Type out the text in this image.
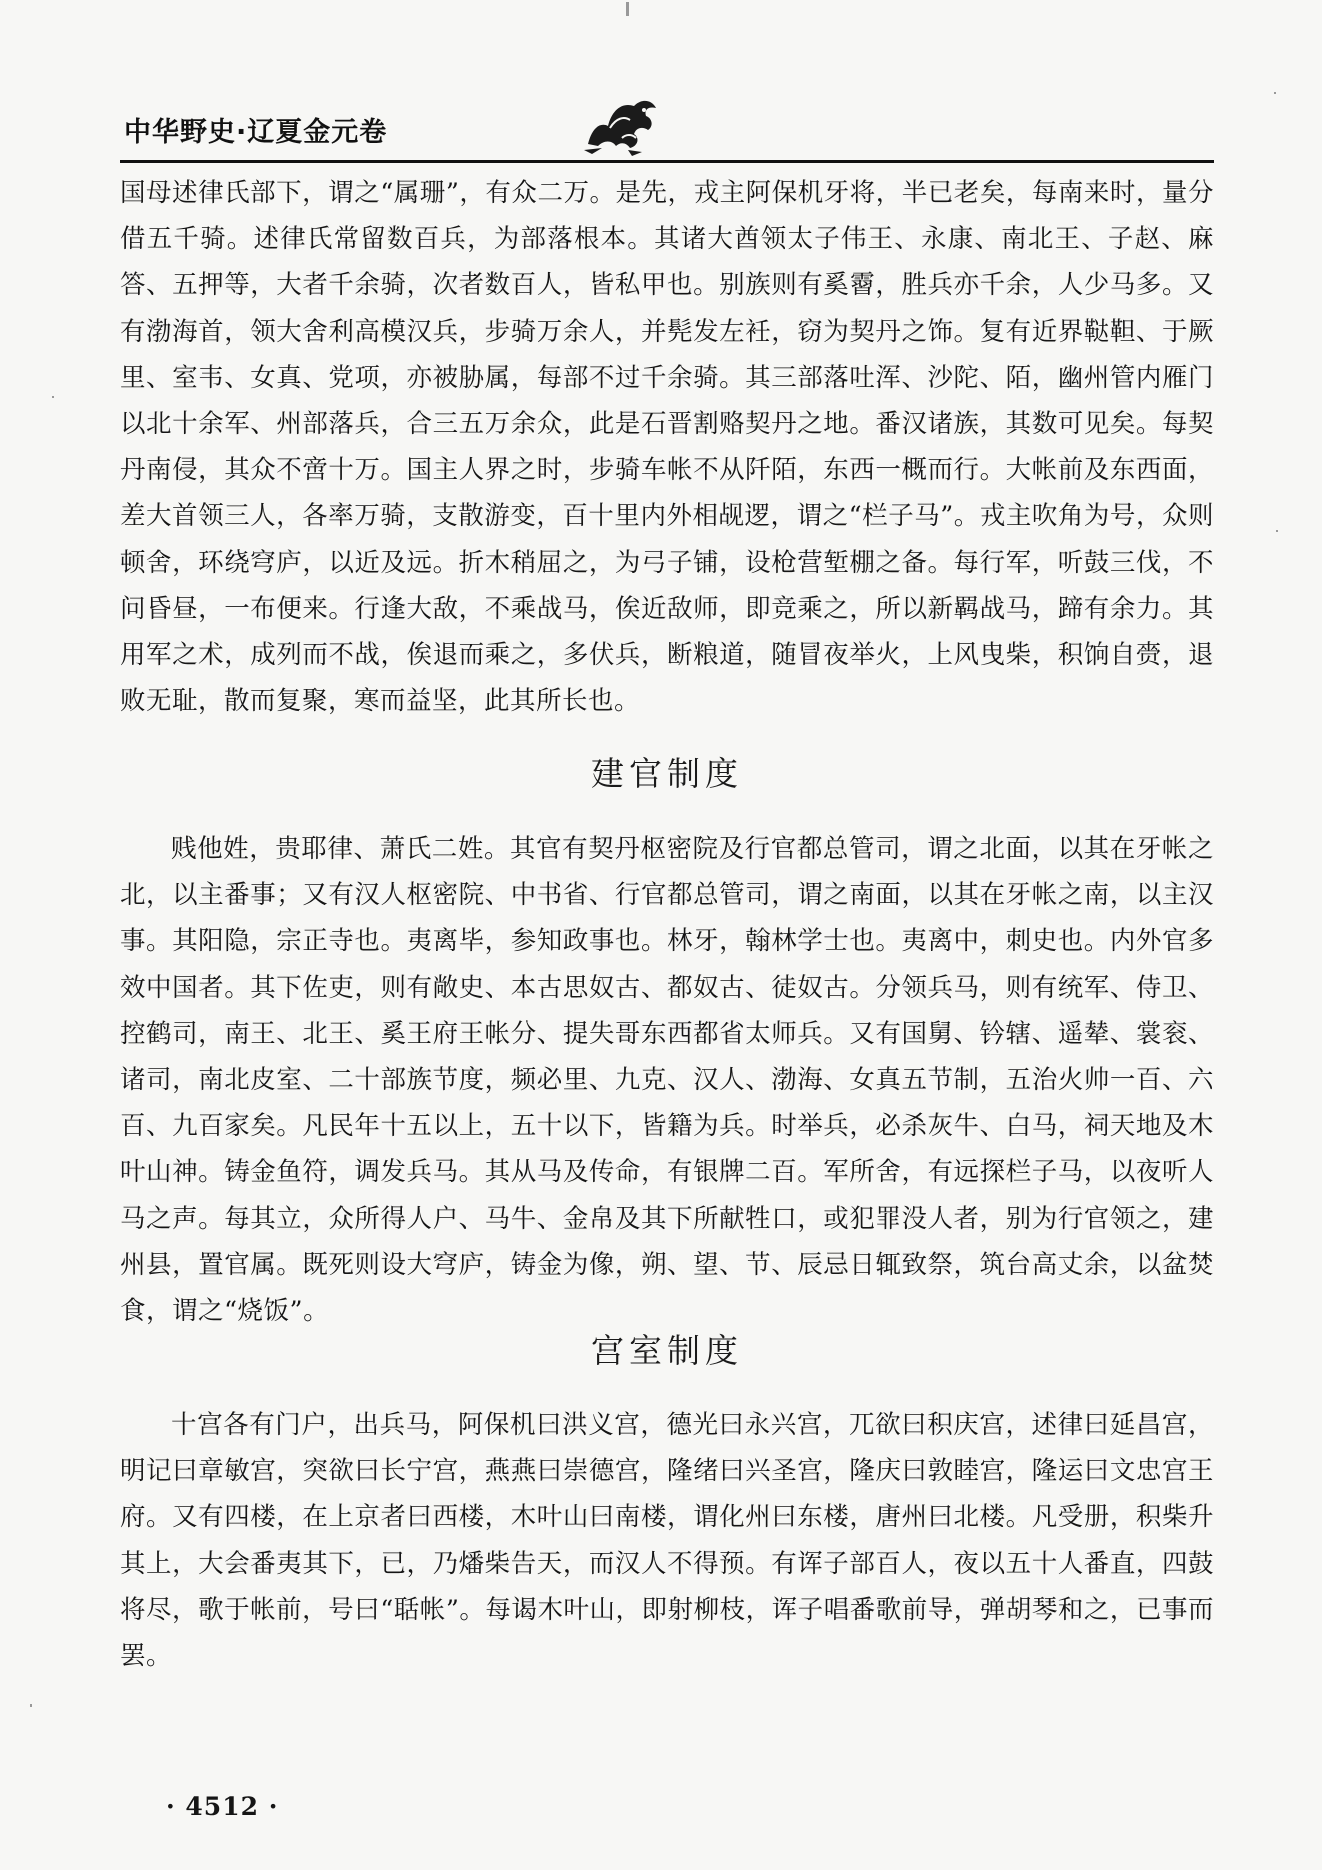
中华野史·辽夏金元卷

国母述律氏部下，谓之“属珊”，有众二万。是先，戎主阿保机牙将，半已老矣，每南来时，量分借五千骑。述律氏常留数百兵，为部落根本。其诸大酋领太子伟王、永康、南北王、子赵、麻答、五押等，大者千余骑，次者数百人，皆私甲也。别族则有奚霫，胜兵亦千余，人少马多。又有渤海首，领大舍利高模汉兵，步骑万余人，并髡发左衽，窃为契丹之饰。复有近界鞑靼、于厥里、室韦、女真、党项，亦被胁属，每部不过千余骑。其三部落吐浑、沙陀、陌，幽州管内雁门以北十余军、州部落兵，合三五万余众，此是石晋割赂契丹之地。番汉诸族，其数可见矣。每契丹南侵，其众不啻十万。国主人界之时，步骑车帐不从阡陌，东西一概而行。大帐前及东西面，差大首领三人，各率万骑，支散游变，百十里内外相觇逻，谓之“栏子马”。戎主吹角为号，众则顿舍，环绕穹庐，以近及远。折木稍屈之，为弓子铺，设枪营堑棚之备。每行军，听鼓三伐，不问昏昼，一布便来。行逢大敌，不乘战马，俟近敌师，即竞乘之，所以新羁战马，蹄有余力。其用军之术，成列而不战，俟退而乘之，多伏兵，断粮道，随冒夜举火，上风曳柴，积饷自赍，退败无耻，散而复聚，寒而益坚，此其所长也。

建官制度

贱他姓，贵耶律、萧氏二姓。其官有契丹枢密院及行官都总管司，谓之北面，以其在牙帐之北，以主番事；又有汉人枢密院、中书省、行官都总管司，谓之南面，以其在牙帐之南，以主汉事。其阳隐，宗正寺也。夷离毕，参知政事也。林牙，翰林学士也。夷离中，刺史也。内外官多效中国者。其下佐吏，则有敞史、本古思奴古、都奴古、徒奴古。分领兵马，则有统军、侍卫、控鹤司，南王、北王、奚王府王帐分、提失哥东西都省太师兵。又有国舅、钤辖、遥辇、裳衮、诸司，南北皮室、二十部族节度，频必里、九克、汉人、渤海、女真五节制，五治火帅一百、六百、九百家矣。凡民年十五以上，五十以下，皆籍为兵。时举兵，必杀灰牛、白马，祠天地及木叶山神。铸金鱼符，调发兵马。其从马及传命，有银牌二百。军所舍，有远探栏子马，以夜听人马之声。每其立，众所得人户、马牛、金帛及其下所献牲口，或犯罪没人者，别为行官领之，建州县，置官属。既死则设大穹庐，铸金为像，朔、望、节、辰忌日辄致祭，筑台高丈余，以盆焚食，谓之“烧饭”。

宫室制度

十宫各有门户，出兵马，阿保机曰洪义宫，德光曰永兴宫，兀欲曰积庆宫，述律曰延昌宫，明记曰章敏宫，突欲曰长宁宫，燕燕曰崇德宫，隆绪曰兴圣宫，隆庆曰敦睦宫，隆运曰文忠宫王府。又有四楼，在上京者曰西楼，木叶山曰南楼，谓化州曰东楼，唐州曰北楼。凡受册，积柴升其上，大会番夷其下，已，乃燔柴告天，而汉人不得预。有诨子部百人，夜以五十人番直，四鼓将尽，歌于帐前，号曰“聒帐”。每谒木叶山，即射柳枝，诨子唱番歌前导，弹胡琴和之，已事而罢。

· 4512 ·
